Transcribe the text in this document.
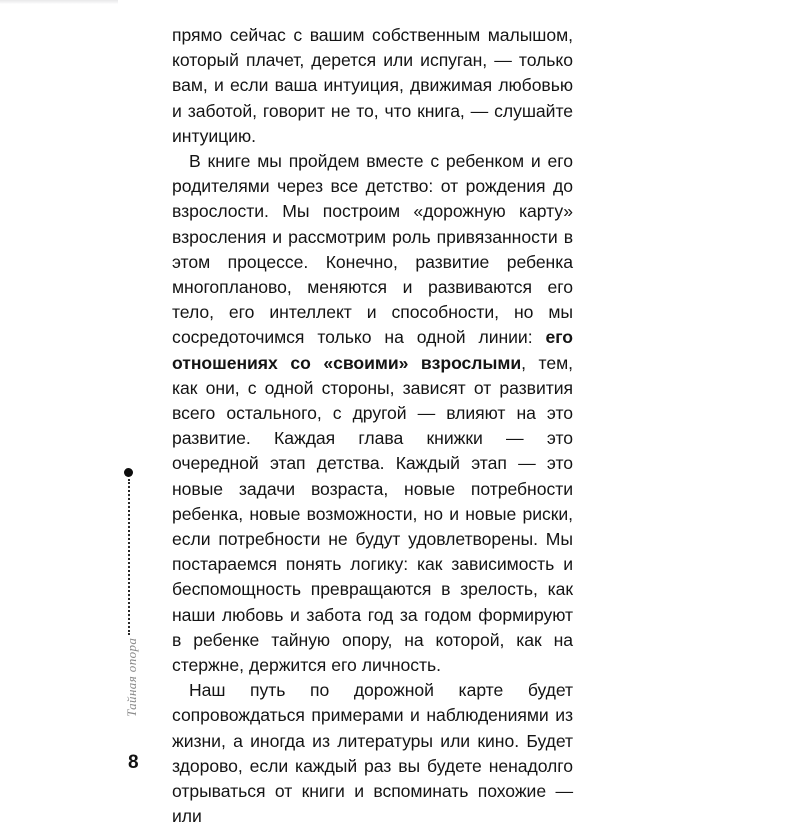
Тайная опора

прямо сейчас с вашим собственным малышом, который плачет, дерется или испуган, — только вам, и если ваша интуиция, движимая любовью и заботой, говорит не то, что книга, — слушайте интуицию.

В книге мы пройдем вместе с ребенком и его родителями через все детство: от рождения до взрослости. Мы построим «дорожную карту» взросления и рассмотрим роль привязанности в этом процессе. Конечно, развитие ребенка многопланово, меняются и развиваются его тело, его интеллект и способности, но мы сосредоточимся только на одной линии: его отношениях со «своими» взрослыми, тем, как они, с одной стороны, зависят от развития всего остального, с другой — влияют на это развитие. Каждая глава книжки — это очередной этап детства. Каждый этап — это новые задачи возраста, новые потребности ребенка, новые возможности, но и новые риски, если потребности не будут удовлетворены. Мы постараемся понять логику: как зависимость и беспомощность превращаются в зрелость, как наши любовь и забота год за годом формируют в ребенке тайную опору, на которой, как на стержне, держится его личность.

Наш путь по дорожной карте будет сопровождаться примерами и наблюдениями из жизни, а иногда из литературы или кино. Будет здорово, если каждый раз вы будете ненадолго отрываться от книги и вспоминать похожие — или

8
